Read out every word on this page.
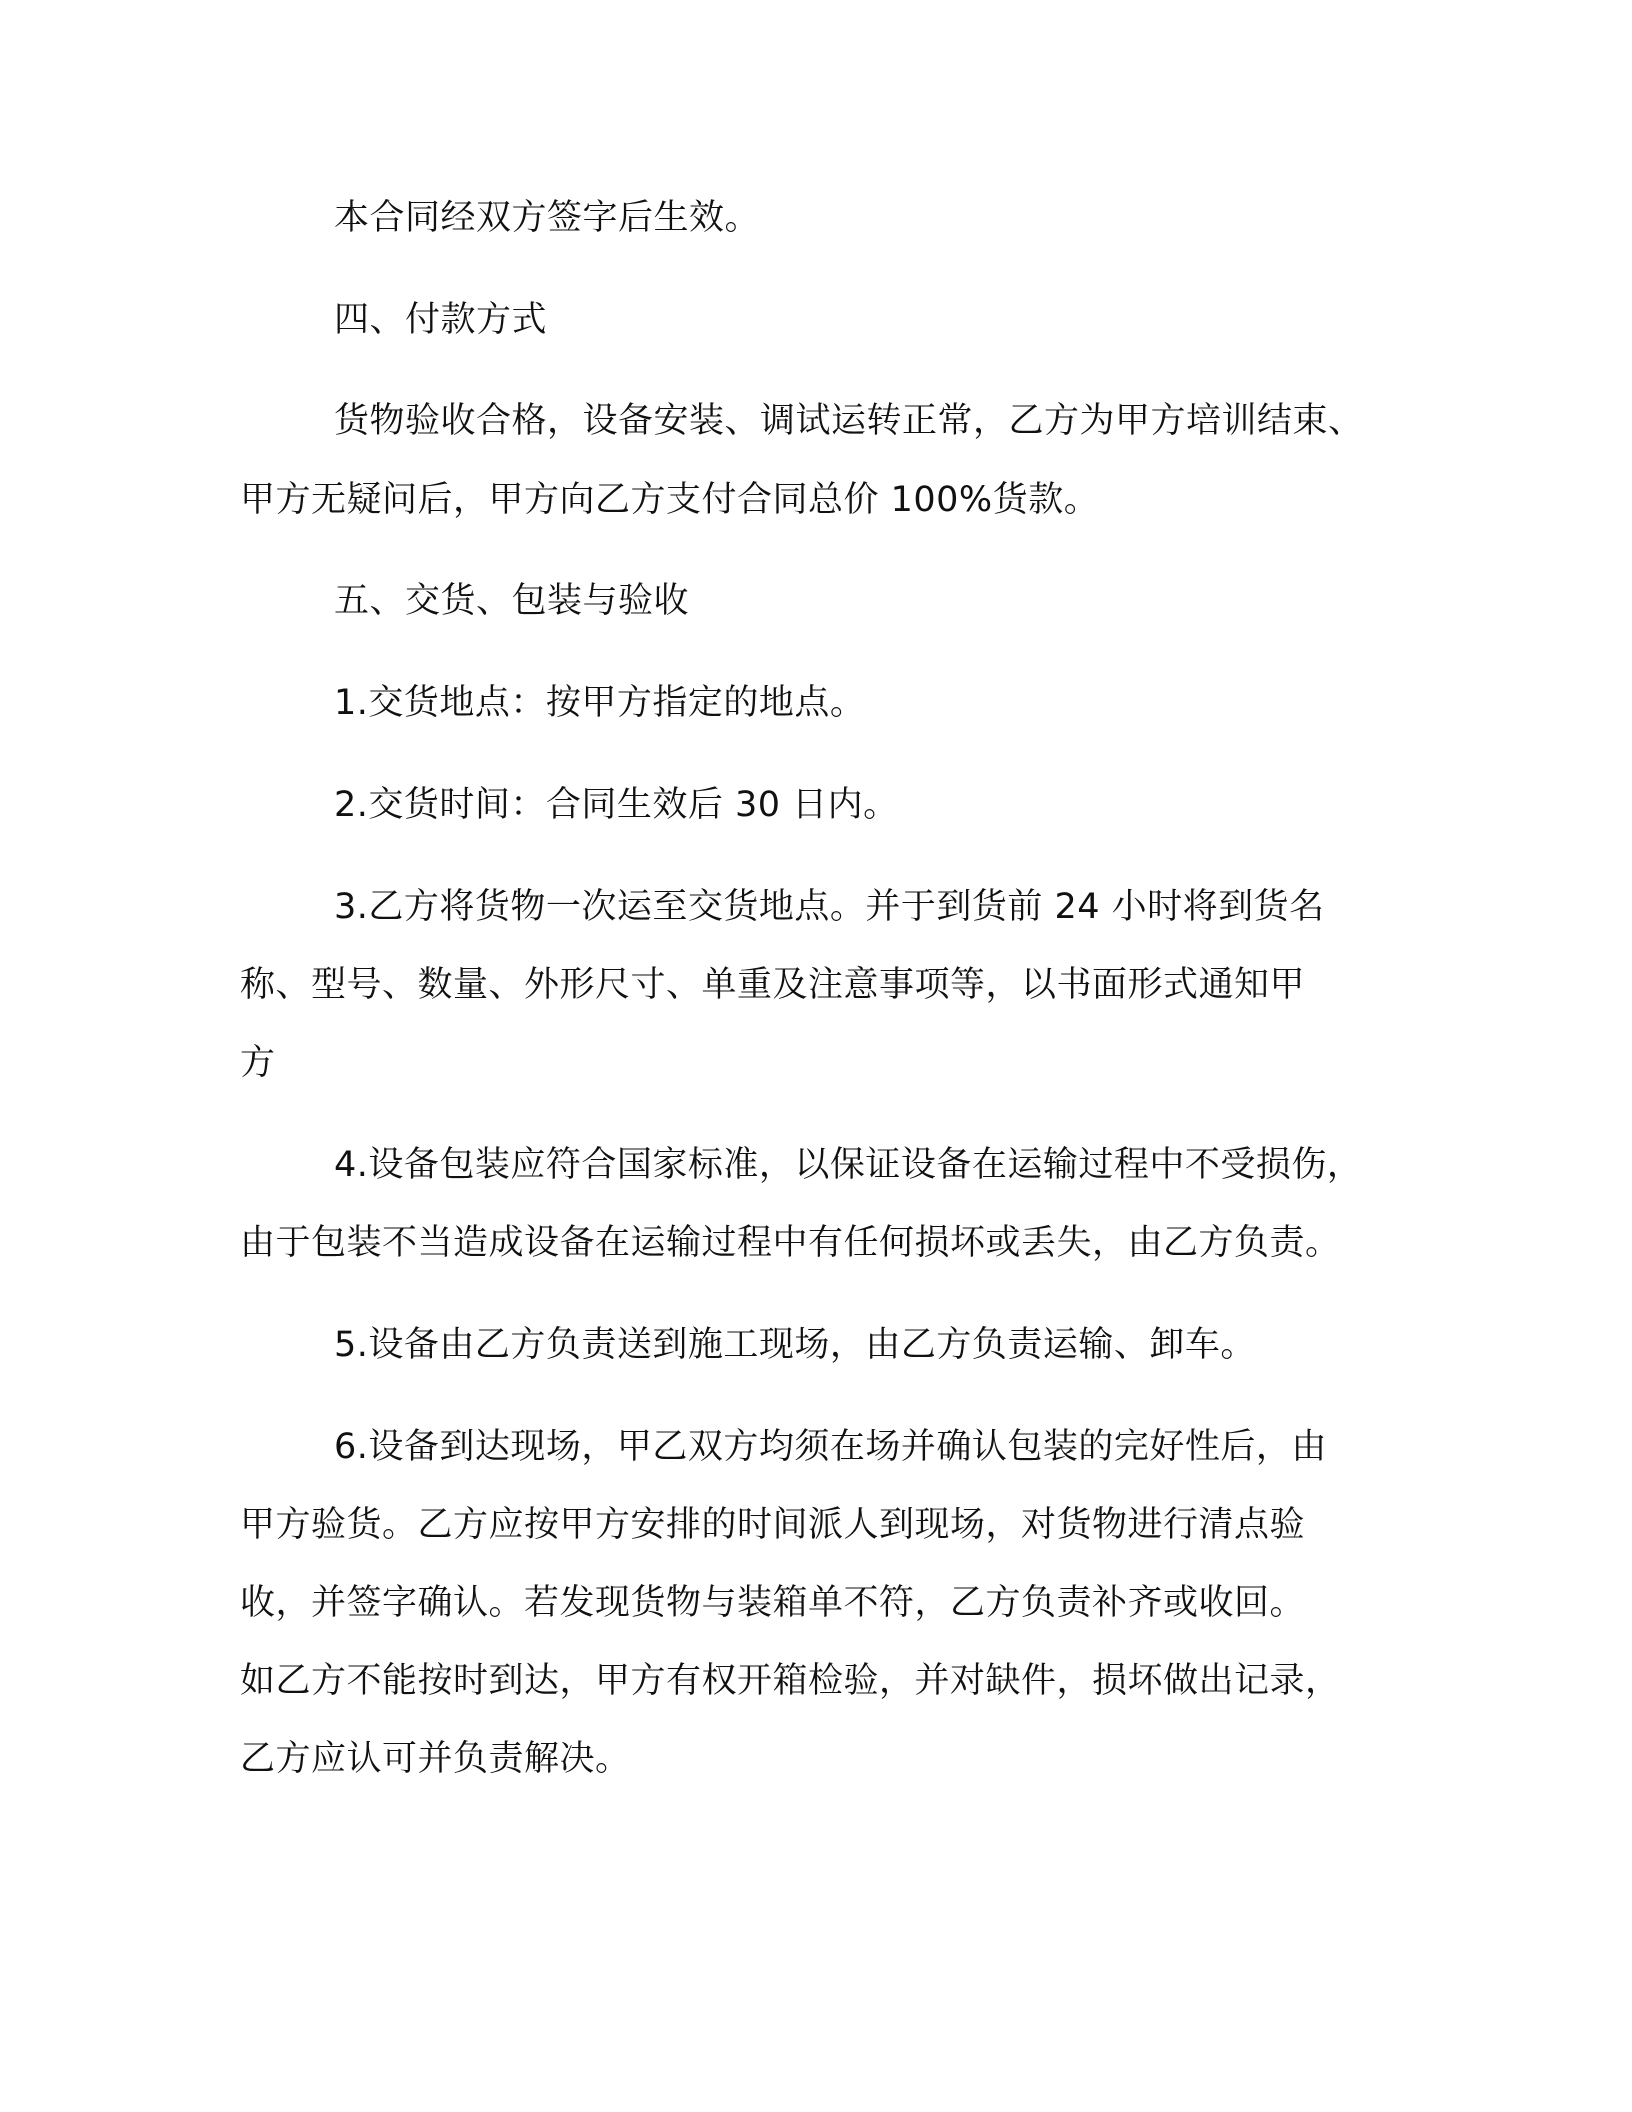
本合同经双方签字后生效。
四、付款方式
货物验收合格，设备安装、调试运转正常，乙方为甲方培训结束、
甲方无疑问后，甲方向乙方支付合同总价 100%货款。
五、交货、包装与验收
1.交货地点：按甲方指定的地点。
2.交货时间：合同生效后 30 日内。
3.乙方将货物一次运至交货地点。并于到货前 24 小时将到货名
称、型号、数量、外形尺寸、单重及注意事项等，以书面形式通知甲
方
4.设备包装应符合国家标准，以保证设备在运输过程中不受损伤，
由于包装不当造成设备在运输过程中有任何损坏或丢失，由乙方负责。
5.设备由乙方负责送到施工现场，由乙方负责运输、卸车。
6.设备到达现场，甲乙双方均须在场并确认包装的完好性后，由
甲方验货。乙方应按甲方安排的时间派人到现场，对货物进行清点验
收，并签字确认。若发现货物与装箱单不符，乙方负责补齐或收回。
如乙方不能按时到达，甲方有权开箱检验，并对缺件，损坏做出记录，
乙方应认可并负责解决。
